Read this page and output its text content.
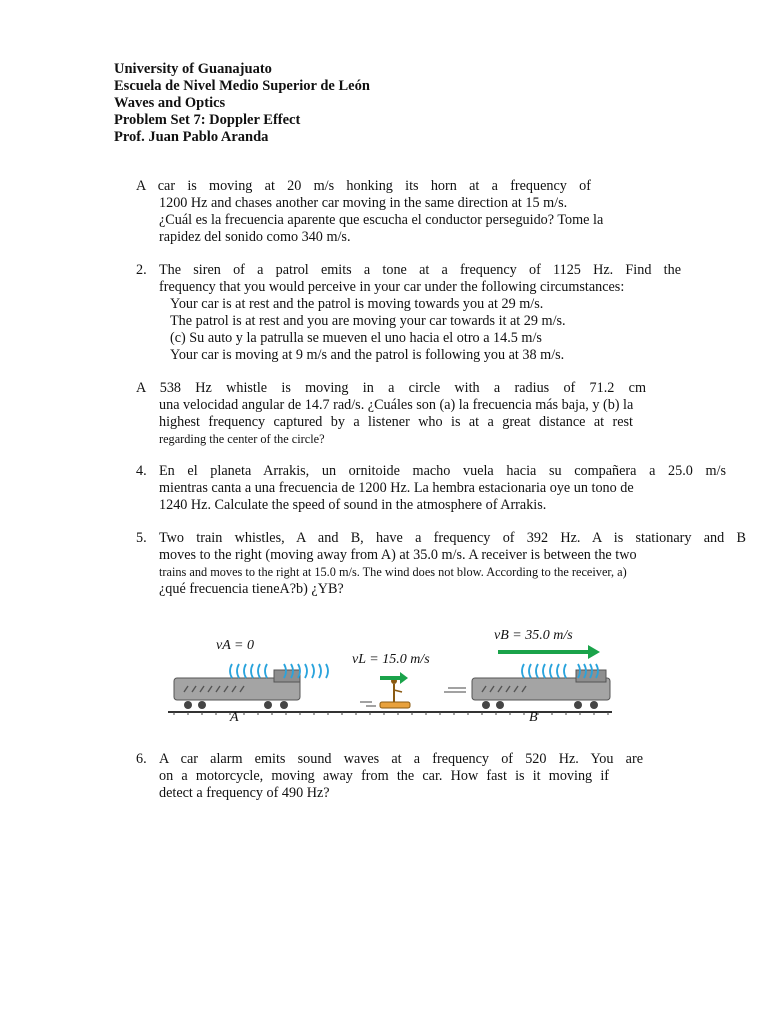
University of Guanajuato
Escuela de Nivel Medio Superior de León
Waves and Optics
Problem Set 7: Doppler Effect
Prof. Juan Pablo Aranda
A car is moving at 20 m/s honking its horn at a frequency of
1200 Hz and chases another car moving in the same direction at 15 m/s.
¿Cuál es la frecuencia aparente que escucha el conductor perseguido? Tome la
rapidez del sonido como 340 m/s.
2. The siren of a patrol emits a tone at a frequency of 1125 Hz. Find the
frequency that you would perceive in your car under the following circumstances:
Your car is at rest and the patrol is moving towards you at 29 m/s.
The patrol is at rest and you are moving your car towards it at 29 m/s.
(c) Su auto y la patrulla se mueven el uno hacia el otro a 14.5 m/s
Your car is moving at 9 m/s and the patrol is following you at 38 m/s.
A 538 Hz whistle is moving in a circle with a radius of 71.2 cm
una velocidad angular de 14.7 rad/s. ¿Cuáles son (a) la frecuencia más baja, y (b) la
highest frequency captured by a listener who is at a great distance at rest
regarding the center of the circle?
4. En el planeta Arrakis, un ornitoide macho vuela hacia su compañera a 25.0 m/s
mientras canta a una frecuencia de 1200 Hz. La hembra estacionaria oye un tono de
1240 Hz. Calculate the speed of sound in the atmosphere of Arrakis.
5. Two train whistles, A and B, have a frequency of 392 Hz. A is stationary and B
moves to the right (moving away from A) at 35.0 m/s. A receiver is between the two
trains and moves to the right at 15.0 m/s. The wind does not blow. According to the receiver, a)
¿qué frecuencia tieneA?b) ¿YB?
vA = 0
vL = 15.0 m/s
vB = 35.0 m/s
A	B
6. A car alarm emits sound waves at a frequency of 520 Hz. You are
on a motorcycle, moving away from the car. How fast is it moving if
detect a frequency of 490 Hz?
